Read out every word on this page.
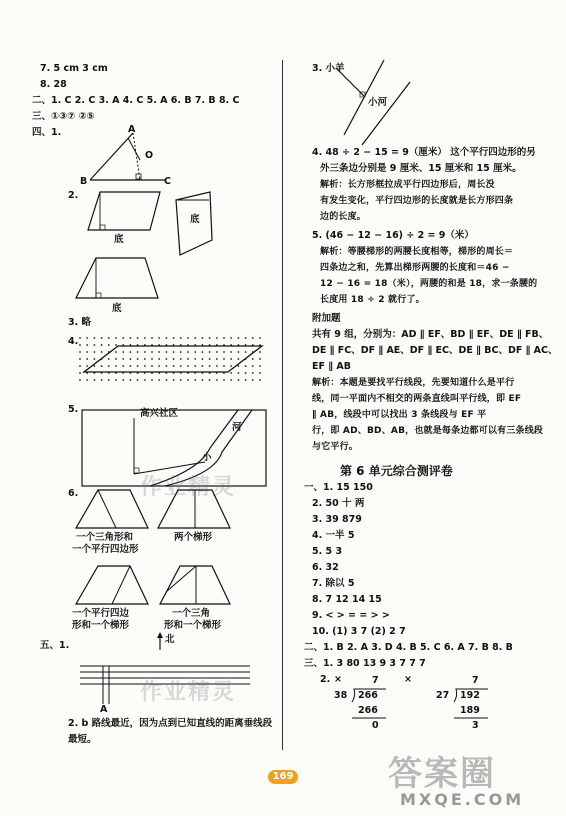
7. 5 cm 3 cm
8. 28
二、1. C 2. C 3. A 4. C 5. A 6. B 7. B 8. C
三、①③⑦ ②⑤
四、1.	A
O
B	C
2.
底
底
底
3. 略
4.
5.	高兴社区
河
小
作业精灵
6.
一个三角形和
一个平行四边形
两个梯形
一个平行四边
形和一个梯形
一个三角
形和一个梯形
五、1.
北
A
作业精灵
2. b 路线最近，因为点到已知直线的距离垂线段
最短。
3. 小羊
小河
4. 48 ÷ 2 − 15 = 9（厘米） 这个平行四边形的另
外三条边分别是 9 厘米、15 厘米和 15 厘米。
解析：长方形框拉成平行四边形后，周长没
有发生变化，平行四边形的长度就是长方形四条
边的长度。
5. (46 − 12 − 16) ÷ 2 = 9（米）
解析：等腰梯形的两腰长度相等，梯形的周长＝
四条边之和，先算出梯形两腰的长度和＝46 −
12 − 16 = 18（米），两腰的和是 18，求一条腰的
长度用 18 ÷ 2 就行了。
附加题
共有 9 组，分别为：AD ∥ EF、BD ∥ EF、DE ∥ FB、
DE ∥ FC、DF ∥ AE、DF ∥ EC、DE ∥ BC、DF ∥ AC、
EF ∥ AB
解析：本题是要找平行线段，先要知道什么是平行
线，同一平面内不相交的两条直线叫平行线，即 EF
∥ AB，线段中可以找出 3 条线段与 EF 平
行，即 AD、BD、AB，也就是每条边都可以有三条线段
与它平行。
第 6 单元综合测评卷
一、1. 15 150
2. 50 十 两
3. 39 879
4. 一半 5
5. 5 3
6. 32
7. 除以 5
8. 7 12 14 15
9. < > = = > >
10. (1) 3 7 (2) 2 7
二、1. B 2. A 3. D 4. B 5. C 6. A 7. B 8. B
三、1. 3 80 13 9 3 7 7 7
2. ×	7
38 266
266
0
×	7
27 192
189
3
169	答案圈
MXQE.COM
